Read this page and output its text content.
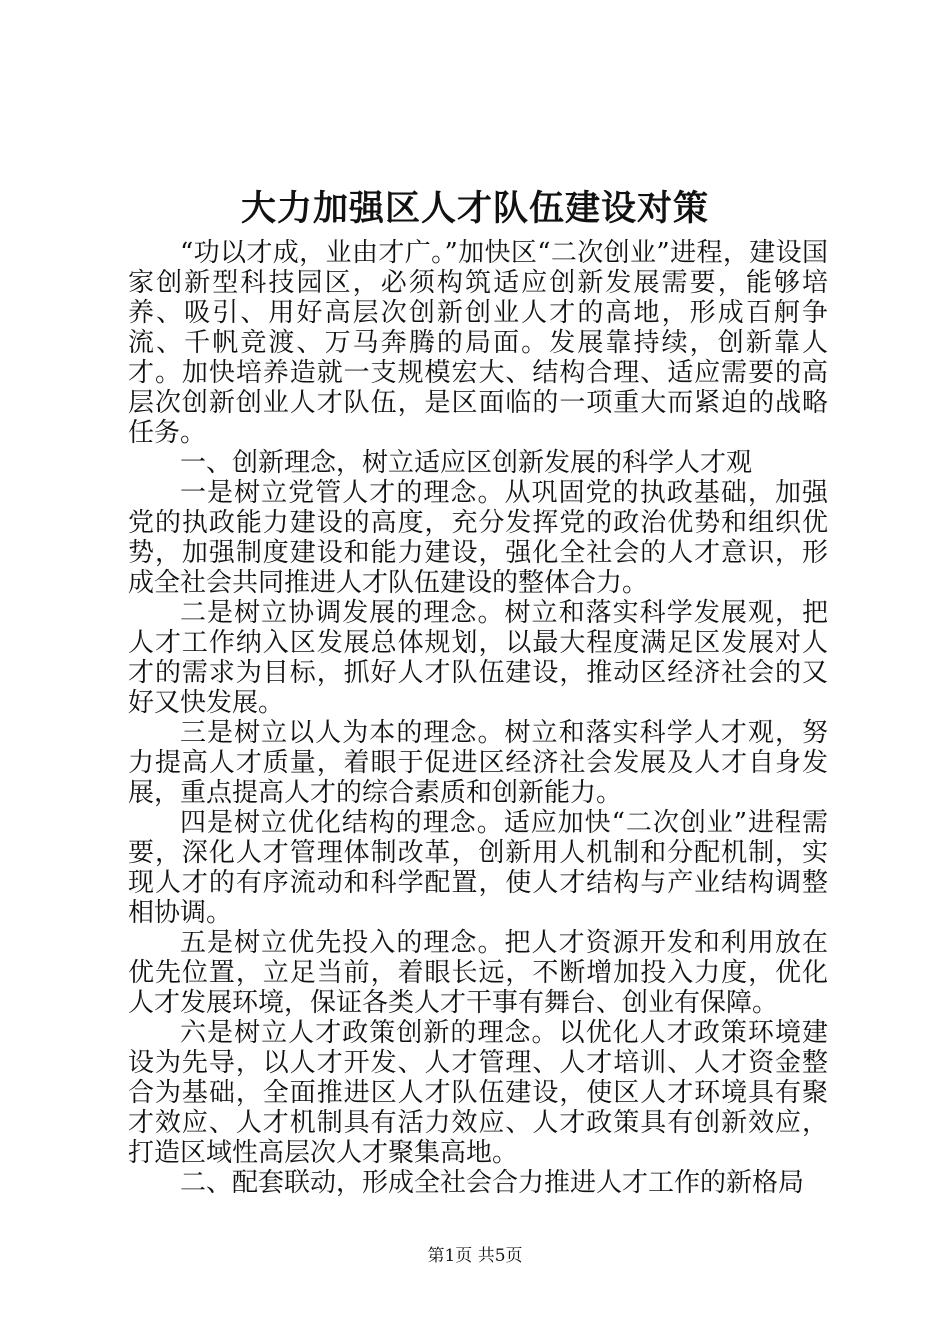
大力加强区人才队伍建设对策

“功以才成，业由才广。”加快区“二次创业”进程，建设国家创新型科技园区，必须构筑适应创新发展需要，能够培养、吸引、用好高层次创新创业人才的高地，形成百舸争流、千帆竞渡、万马奔腾的局面。发展靠持续，创新靠人才。加快培养造就一支规模宏大、结构合理、适应需要的高层次创新创业人才队伍，是区面临的一项重大而紧迫的战略任务。

一、创新理念，树立适应区创新发展的科学人才观

一是树立党管人才的理念。从巩固党的执政基础，加强党的执政能力建设的高度，充分发挥党的政治优势和组织优势，加强制度建设和能力建设，强化全社会的人才意识，形成全社会共同推进人才队伍建设的整体合力。

二是树立协调发展的理念。树立和落实科学发展观，把人才工作纳入区发展总体规划，以最大程度满足区发展对人才的需求为目标，抓好人才队伍建设，推动区经济社会的又好又快发展。

三是树立以人为本的理念。树立和落实科学人才观，努力提高人才质量，着眼于促进区经济社会发展及人才自身发展，重点提高人才的综合素质和创新能力。

四是树立优化结构的理念。适应加快“二次创业”进程需要，深化人才管理体制改革，创新用人机制和分配机制，实现人才的有序流动和科学配置，使人才结构与产业结构调整相协调。

五是树立优先投入的理念。把人才资源开发和利用放在优先位置，立足当前，着眼长远，不断增加投入力度，优化人才发展环境，保证各类人才干事有舞台、创业有保障。

六是树立人才政策创新的理念。以优化人才政策环境建设为先导，以人才开发、人才管理、人才培训、人才资金整合为基础，全面推进区人才队伍建设，使区人才环境具有聚才效应、人才机制具有活力效应、人才政策具有创新效应，打造区域性高层次人才聚集高地。

二、配套联动，形成全社会合力推进人才工作的新格局

第1页 共5页
